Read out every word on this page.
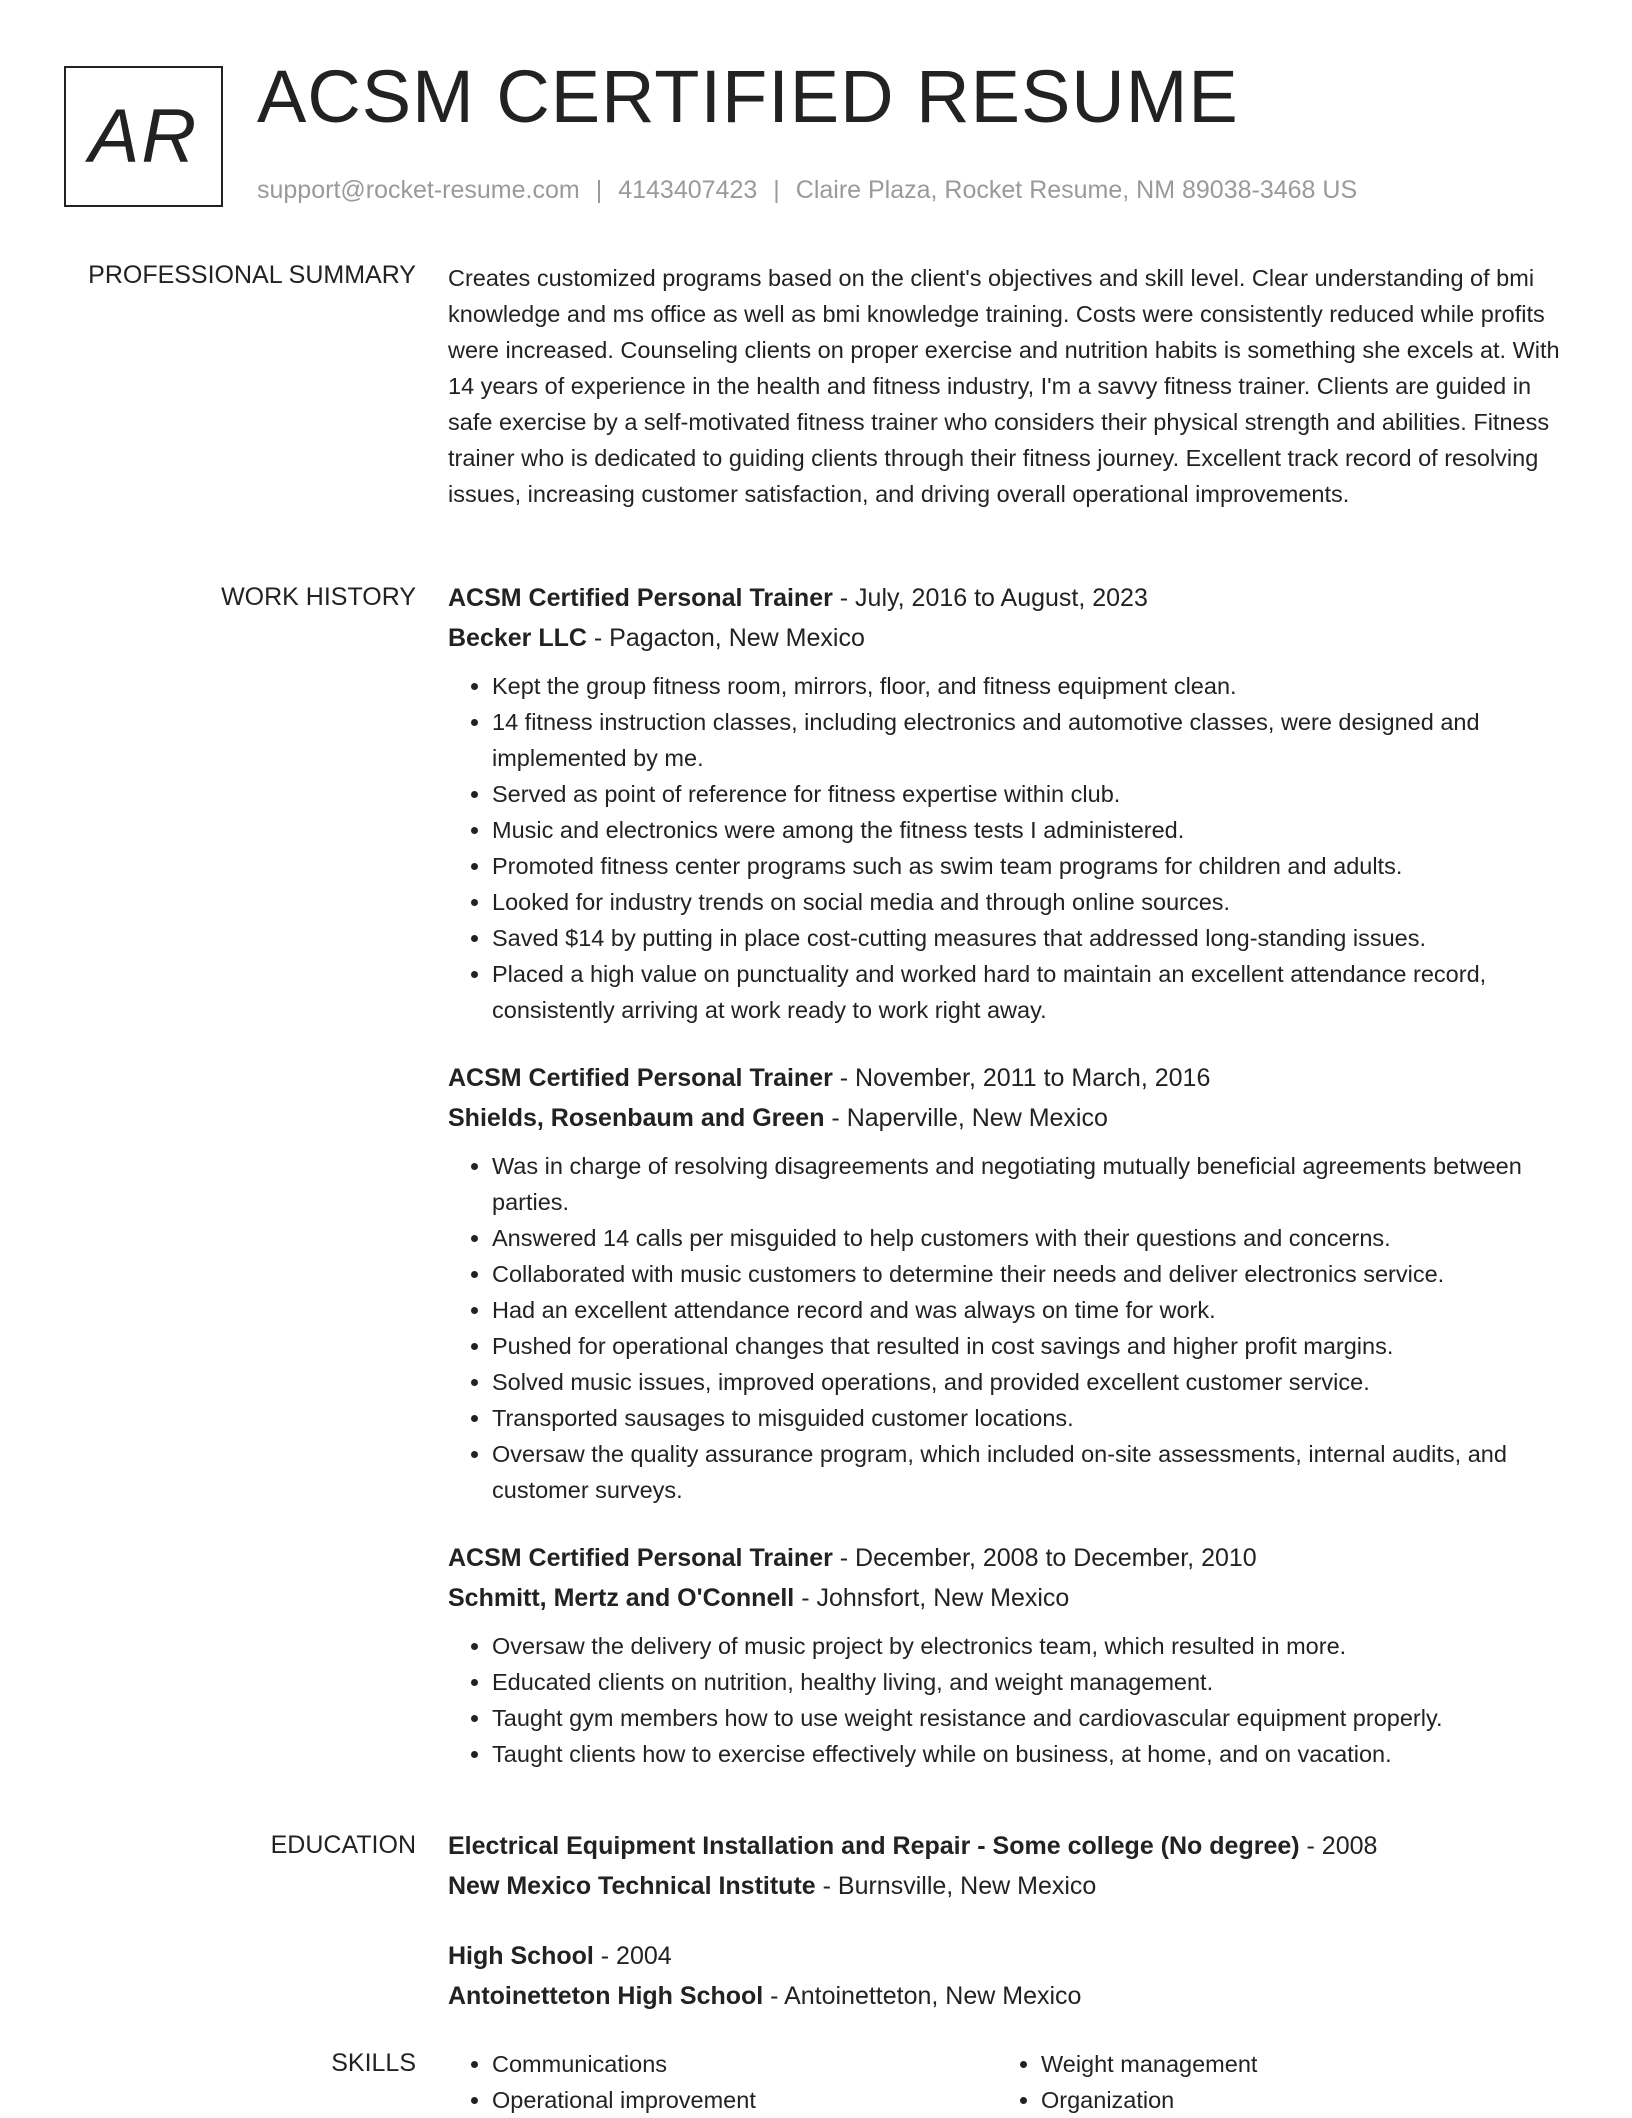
AR ACSM CERTIFIED RESUME
support@rocket-resume.com | 4143407423 | Claire Plaza, Rocket Resume, NM 89038-3468 US
PROFESSIONAL SUMMARY Creates customized programs based on the client's objectives and skill level. Clear understanding of bmi knowledge and ms office as well as bmi knowledge training. Costs were consistently reduced while profits were increased. Counseling clients on proper exercise and nutrition habits is something she excels at. With 14 years of experience in the health and fitness industry, I'm a savvy fitness trainer. Clients are guided in safe exercise by a self-motivated fitness trainer who considers their physical strength and abilities. Fitness trainer who is dedicated to guiding clients through their fitness journey. Excellent track record of resolving issues, increasing customer satisfaction, and driving overall operational improvements.
WORK HISTORY ACSM Certified Personal Trainer - July, 2016 to August, 2023
Becker LLC - Pagacton, New Mexico
• Kept the group fitness room, mirrors, floor, and fitness equipment clean.
• 14 fitness instruction classes, including electronics and automotive classes, were designed and implemented by me.
• Served as point of reference for fitness expertise within club.
• Music and electronics were among the fitness tests I administered.
• Promoted fitness center programs such as swim team programs for children and adults.
• Looked for industry trends on social media and through online sources.
• Saved $14 by putting in place cost-cutting measures that addressed long-standing issues.
• Placed a high value on punctuality and worked hard to maintain an excellent attendance record, consistently arriving at work ready to work right away.
ACSM Certified Personal Trainer - November, 2011 to March, 2016
Shields, Rosenbaum and Green - Naperville, New Mexico
• Was in charge of resolving disagreements and negotiating mutually beneficial agreements between parties.
• Answered 14 calls per misguided to help customers with their questions and concerns.
• Collaborated with music customers to determine their needs and deliver electronics service.
• Had an excellent attendance record and was always on time for work.
• Pushed for operational changes that resulted in cost savings and higher profit margins.
• Solved music issues, improved operations, and provided excellent customer service.
• Transported sausages to misguided customer locations.
• Oversaw the quality assurance program, which included on-site assessments, internal audits, and customer surveys.
ACSM Certified Personal Trainer - December, 2008 to December, 2010
Schmitt, Mertz and O'Connell - Johnsfort, New Mexico
• Oversaw the delivery of music project by electronics team, which resulted in more.
• Educated clients on nutrition, healthy living, and weight management.
• Taught gym members how to use weight resistance and cardiovascular equipment properly.
• Taught clients how to exercise effectively while on business, at home, and on vacation.
EDUCATION Electrical Equipment Installation and Repair - Some college (No degree) - 2008
New Mexico Technical Institute - Burnsville, New Mexico
High School - 2004
Antoinetteton High School - Antoinetteton, New Mexico
SKILLS
•	Communications
• Operational improvement
• Weight management
• Organization
